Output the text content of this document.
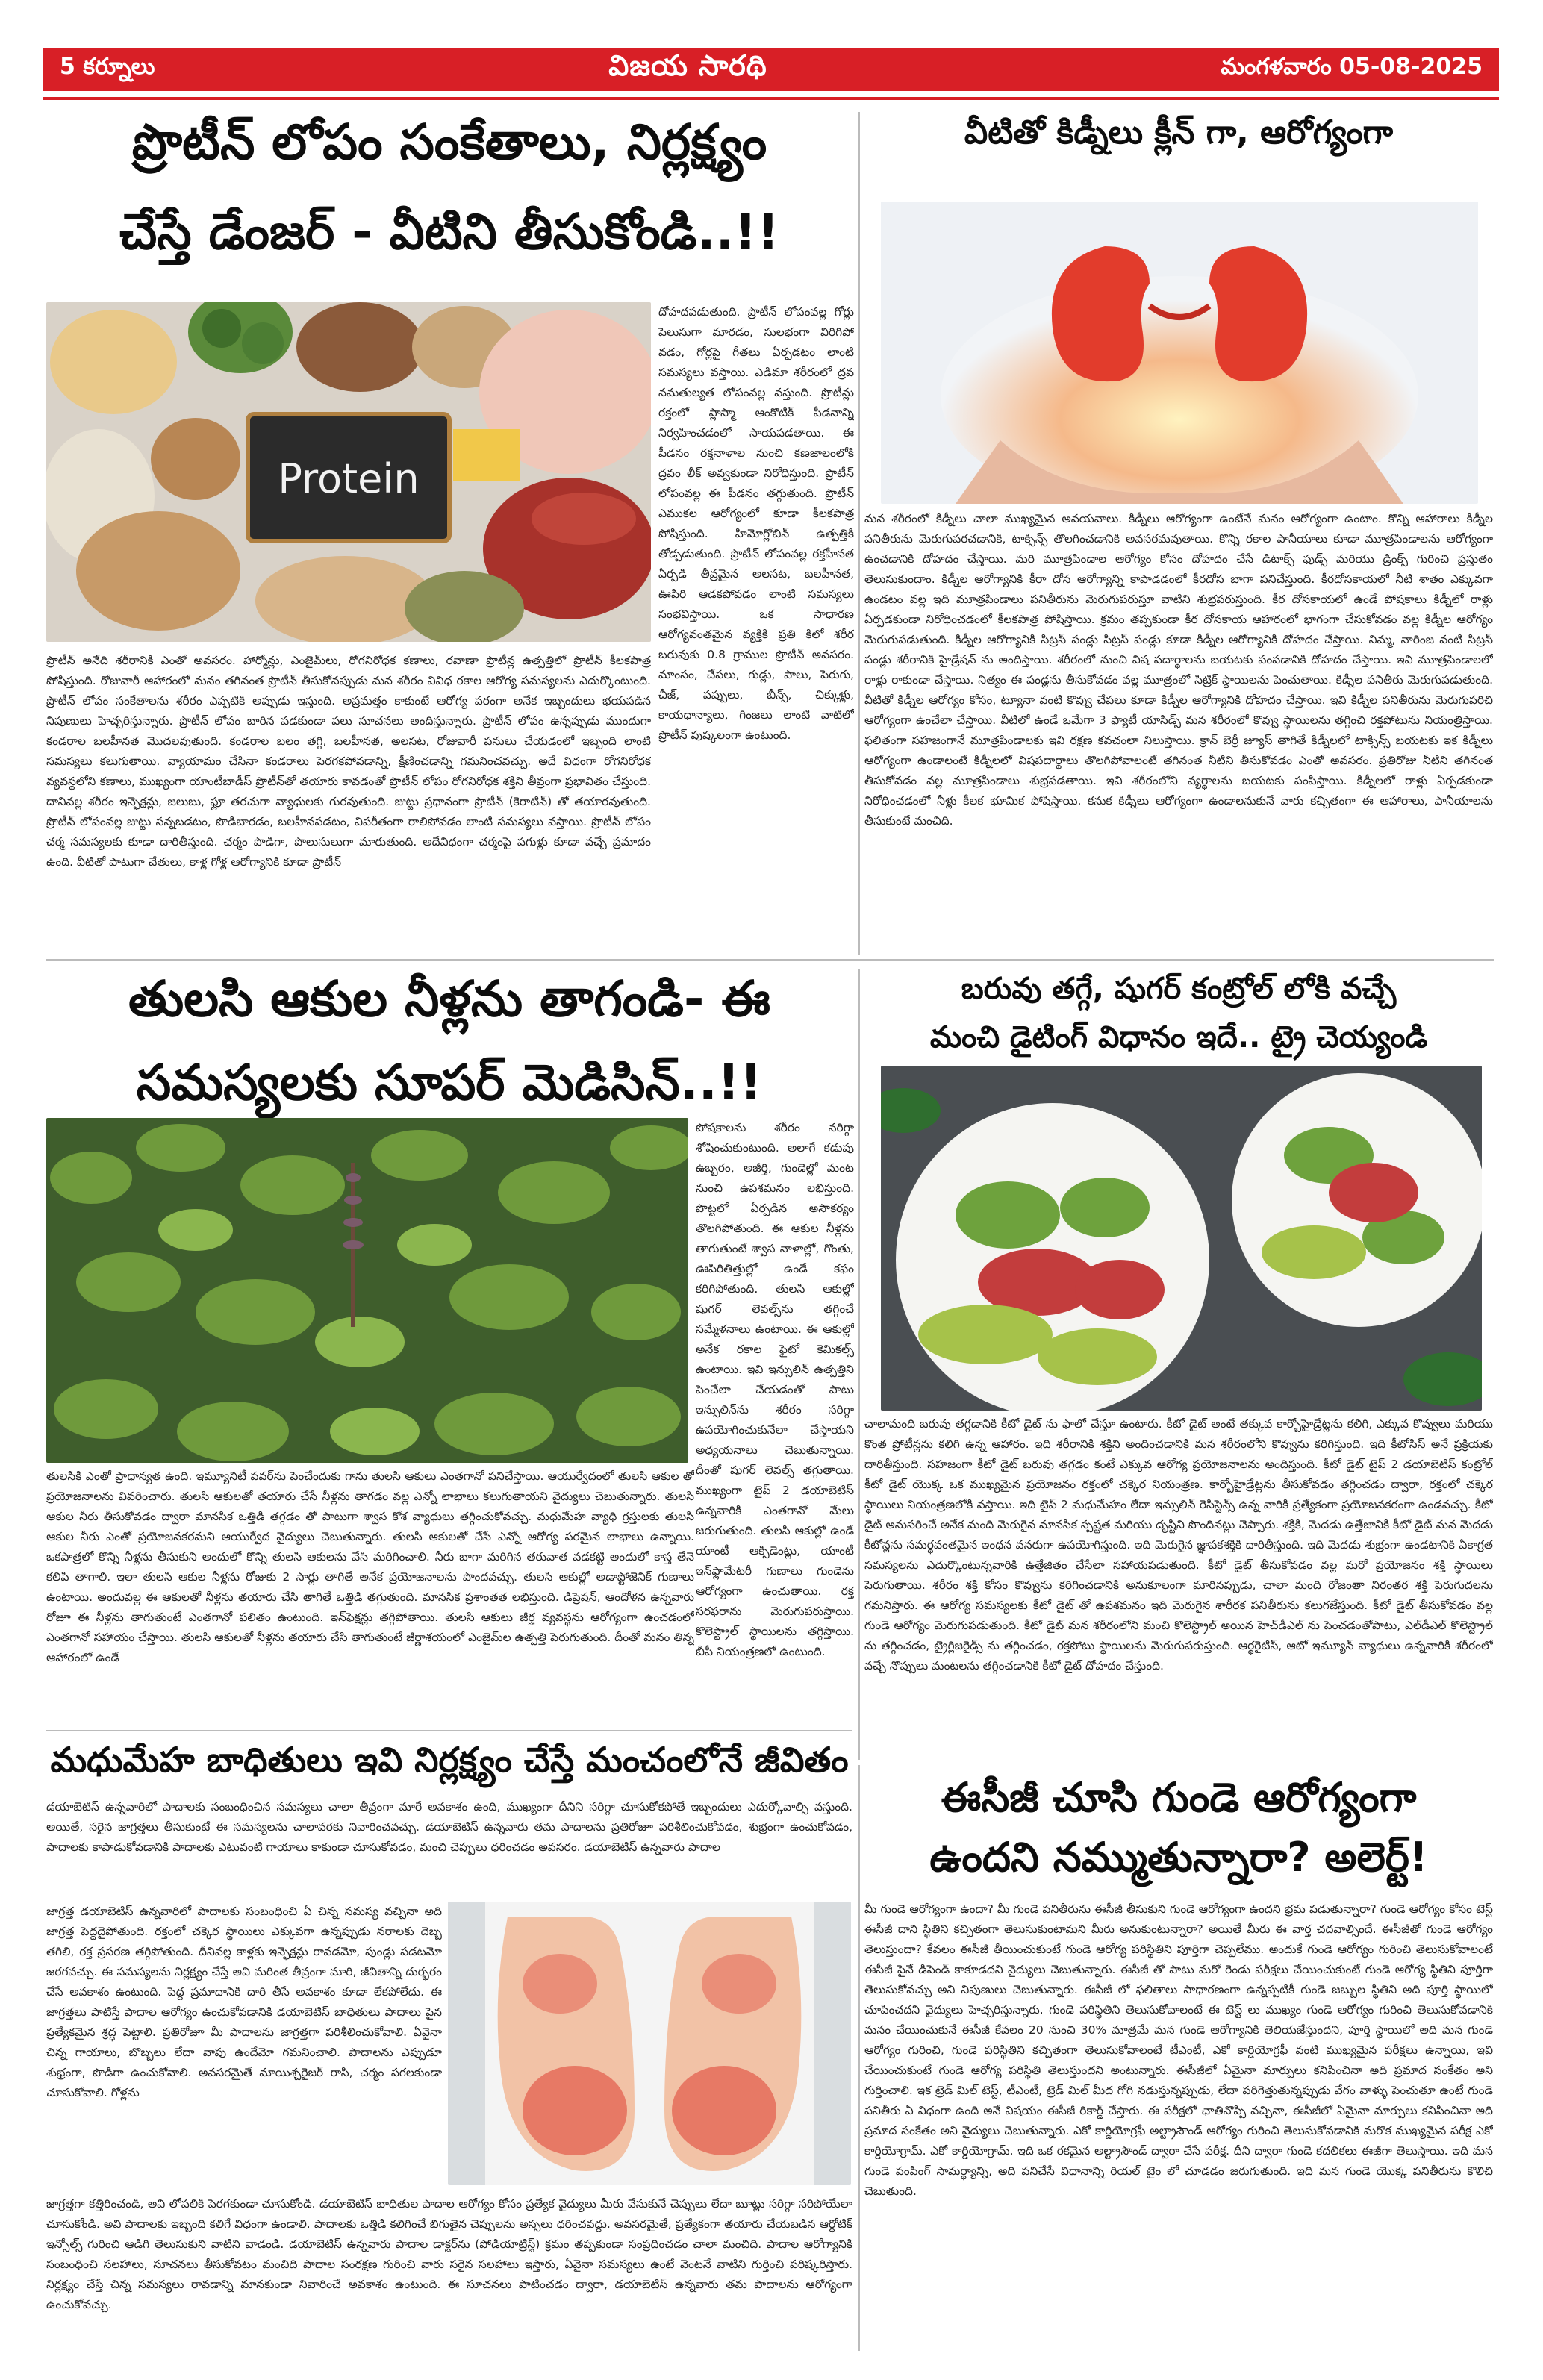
5 కర్నూలు	విజయ సారథి	మంగళవారం 05-08-2025
ప్రొటీన్ లోపం సంకేతాలు, నిర్లక్ష్యం
చేస్తే డేంజర్ - వీటిని తీసుకోండి..!!
Protein
దోహదపడుతుంది. ప్రొటీన్ లోపంవల్ల గోర్లు పెలుసుగా మారడం, సులభంగా విరిగిపో వడం, గోర్లపై గీతలు ఏర్పడటం లాంటి సమస్యలు వస్తాయి. ఎడిమా శరీరంలో ద్రవ నమతుల్యత లోపంవల్ల వస్తుంది. ప్రొటీన్లు రక్తంలో ప్లాస్మా ఆంకొటిక్ పీడనాన్ని నిర్వహించడంలో సాయపడతాయి. ఈ పీడనం రక్తనాళాల నుంచి కణజాలంలోకి ద్రవం లీక్ అవ్వకుండా నిరోధిస్తుంది. ప్రొటీన్ లోపంవల్ల ఈ పీడనం తగ్గుతుంది. ప్రొటీన్ ఎముకల ఆరోగ్యంలో కూడా కీలకపాత్ర పోషిస్తుంది. హిమోగ్లోబిన్ ఉత్పత్తికి తోడ్పడుతుంది. ప్రొటీన్ లోపంవల్ల రక్తహీనత ఏర్పడి తీవ్రమైన అలసట, బలహీనత, ఊపిరి ఆడకపోవడం లాంటి సమస్యలు సంభవిస్తాయి. ఒక సాధారణ ఆరోగ్యవంతమైన వ్యక్తికి ప్రతి కిలో శరీర బరువుకు 0.8 గ్రాముల ప్రొటీన్ అవసరం. మాంసం, చేపలు, గుడ్లు, పాలు, పెరుగు, చీజ్, పప్పులు, బీన్స్, చిక్కుళ్లు, కాయధాన్యాలు, గింజలు లాంటి వాటిలో ప్రొటీన్ పుష్కలంగా ఉంటుంది.
ప్రొటీన్ అనేది శరీరానికి ఎంతో అవసరం. హార్మోన్లు, ఎంజైమ్‌లు, రోగనిరోధక కణాలు, రవాణా ప్రొటీన్ల ఉత్పత్తిలో ప్రొటీన్ కీలకపాత్ర పోషిస్తుంది. రోజువారీ ఆహారంలో మనం తగినంత ప్రొటీన్ తీసుకోనప్పుడు మన శరీరం వివిధ రకాల ఆరోగ్య సమస్యలను ఎదుర్కొంటుంది. ప్రొటీన్ లోపం సంకేతాలను శరీరం ఎప్పటికి అప్పుడు ఇస్తుంది. అప్రమత్తం కాకుంటే ఆరోగ్య పరంగా అనేక ఇబ్బందులు భయపడిన నిపుణులు హెచ్చరిస్తున్నారు. ప్రొటీన్ లోపం బారిన పడకుండా పలు సూచనలు అందిస్తున్నారు. ప్రొటీన్ లోపం ఉన్నప్పుడు ముందుగా కండరాల బలహీనత మొదలవుతుంది. కండరాల బలం తగ్గి, బలహీనత, అలసట, రోజువారీ పనులు చేయడంలో ఇబ్బంది లాంటి సమస్యలు కలుగుతాయి. వ్యాయామం చేసినా కండరాలు పెరగకపోవడాన్ని, క్షీణించడాన్ని గమనించవచ్చు. అదే విధంగా రోగనిరోధక వ్యవస్థలోని కణాలు, ముఖ్యంగా యాంటీబాడీస్ ప్రొటీన్‌తో తయారు కావడంతో ప్రొటీన్ లోపం రోగనిరోధక శక్తిని తీవ్రంగా ప్రభావితం చేస్తుంది. దానివల్ల శరీరం ఇన్ఫెక్షన్లు, జలుబు, ఫ్లూ తరచుగా వ్యాధులకు గురవుతుంది. జుట్టు ప్రధానంగా ప్రొటీన్ (కెరాటిన్) తో తయారవుతుంది. ప్రొటీన్ లోపంవల్ల జుట్టు సన్నబడటం, పొడిబారడం, బలహీనపడటం, విపరీతంగా రాలిపోవడం లాంటి సమస్యలు వస్తాయి. ప్రొటీన్ లోపం చర్మ సమస్యలకు కూడా దారితీస్తుంది. చర్మం పొడిగా, పొలుసులుగా మారుతుంది. అదేవిధంగా చర్మంపై పగుళ్లు కూడా వచ్చే ప్రమాదం ఉంది. వీటితో పాటుగా చేతులు, కాళ్ల గోళ్ల ఆరోగ్యానికి కూడా ప్రొటీన్
వీటితో కిడ్నీలు క్లీన్ గా, ఆరోగ్యంగా
మన శరీరంలో కిడ్నీలు చాలా ముఖ్యమైన అవయవాలు. కిడ్నీలు ఆరోగ్యంగా ఉంటేనే మనం ఆరోగ్యంగా ఉంటాం. కొన్ని ఆహారాలు కిడ్నీల పనితీరును మెరుగుపరచడానికి, టాక్సిన్స్ తొలగించడానికి అవసరమవుతాయి. కొన్ని రకాల పానీయాలు కూడా మూత్రపిండాలను ఆరోగ్యంగా ఉంచడానికి దోహదం చేస్తాయి. మరి మూత్రపిండాల ఆరోగ్యం కోసం దోహదం చేసే డిటాక్స్ ఫుడ్స్ మరియు డ్రింక్స్ గురించి ప్రస్తుతం తెలుసుకుందాం. కిడ్నీల ఆరోగ్యానికి కీరా దోస ఆరోగ్యాన్ని కాపాడడంలో కీరదోస బాగా పనిచేస్తుంది. కీరదోసకాయలో నీటి శాతం ఎక్కువగా ఉండటం వల్ల ఇది మూత్రపిండాలు పనితీరును మెరుగుపరుస్తూ వాటిని శుభ్రపరుస్తుంది. కీర దోసకాయలో ఉండే పోషకాలు కిడ్నీలో రాళ్లు ఏర్పడకుండా నిరోధించడంలో కీలకపాత్ర పోషిస్తాయి. క్రమం తప్పకుండా కీర దోసకాయ ఆహారంలో భాగంగా చేసుకోవడం వల్ల కిడ్నీల ఆరోగ్యం మెరుగుపడుతుంది. కిడ్నీల ఆరోగ్యానికి సిట్రస్ పండ్లు సిట్రస్ పండ్లు కూడా కిడ్నీల ఆరోగ్యానికి దోహదం చేస్తాయి. నిమ్మ, నారింజ వంటి సిట్రస్ పండ్లు శరీరానికి హైడ్రేషన్ ను అందిస్తాయి. శరీరంలో నుంచి విష పదార్థాలను బయటకు పంపడానికి దోహదం చేస్తాయి. ఇవి మూత్రపిండాలలో రాళ్లు రాకుండా చేస్తాయి. నిత్యం ఈ పండ్లను తీసుకోవడం వల్ల మూత్రంలో సిట్రిక్ స్థాయిలను పెంచుతాయి. కిడ్నీల పనితీరు మెరుగుపడుతుంది. వీటితో కిడ్నీల ఆరోగ్యం కోసం, ట్యూనా వంటి కొవ్వు చేపలు కూడా కిడ్నీల ఆరోగ్యానికి దోహదం చేస్తాయి. ఇవి కిడ్నీల పనితీరును మెరుగుపరిచి ఆరోగ్యంగా ఉంచేలా చేస్తాయి. వీటిలో ఉండే ఒమేగా 3 ఫ్యాటీ యాసిడ్స్ మన శరీరంలో కొవ్వు స్థాయిలను తగ్గించి రక్తపోటును నియంత్రిస్తాయి. ఫలితంగా సహజంగానే మూత్రపిండాలకు ఇవి రక్షణ కవచంలా నిలుస్తాయి. క్రాన్ బెర్రీ జ్యూస్ తాగితే కిడ్నీలలో టాక్సిన్స్ బయటకు ఇక కిడ్నీలు ఆరోగ్యంగా ఉండాలంటే కిడ్నీలలో విషపదార్థాలు తొలగిపోవాలంటే తగినంత నీటిని తీసుకోవడం ఎంతో అవసరం. ప్రతిరోజు నీటిని తగినంత తీసుకోవడం వల్ల మూత్రపిండాలు శుభ్రపడతాయి. ఇవి శరీరంలోని వ్యర్థాలను బయటకు పంపిస్తాయి. కిడ్నీలలో రాళ్లు ఏర్పడకుండా నిరోధించడంలో నీళ్లు కీలక భూమిక పోషిస్తాయి. కనుక కిడ్నీలు ఆరోగ్యంగా ఉండాలనుకునే వారు కచ్చితంగా ఈ ఆహారాలు, పానీయాలను తీసుకుంటే మంచిది.
తులసి ఆకుల నీళ్లను తాగండి- ఈ
సమస్యలకు సూపర్ మెడిసిన్..!!
పోషకాలను శరీరం నరిగ్గా శోషించుకుంటుంది. అలాగే కడుపు ఉబ్బరం, అజీర్తి, గుండెల్లో మంట నుంచి ఉపశమనం లభిస్తుంది. పొట్టలో ఏర్పడిన అసౌకర్యం తొలగిపోతుంది. ఈ ఆకుల నీళ్లను తాగుతుంటే శ్వాస నాళాల్లో, గొంతు, ఊపిరితిత్తుల్లో ఉండే కఫం కరిగిపోతుంది. తులసి ఆకుల్లో షుగర్ లెవల్స్‌ను తగ్గించే సమ్మేళనాలు ఉంటాయి. ఈ ఆకుల్లో అనేక రకాల ఫైటో కెమికల్స్ ఉంటాయి. ఇవి ఇన్సులిన్ ఉత్పత్తిని పెంచేలా చేయడంతో పాటు ఇన్సులిన్‌ను శరీరం సరిగ్గా ఉపయోగించుకునేలా చేస్తాయని అధ్యయనాలు చెబుతున్నాయి. దీంతో షుగర్ లెవల్స్ తగ్గుతాయి. ముఖ్యంగా టైప్ 2 డయాబెటిస్ ఉన్నవారికి ఎంతగానో మేలు జరుగుతుంది. తులసి ఆకుల్లో ఉండే యాంటీ ఆక్సిడెంట్లు, యాంటీ ఇన్‌ఫ్లామేటరీ గుణాలు గుండెను ఆరోగ్యంగా ఉంచుతాయి. రక్త సరఫరాను మెరుగుపరుస్తాయి. కొలెస్ట్రాల్ స్థాయిలను తగ్గిస్తాయి. బీపీ నియంత్రణలో ఉంటుంది.
తులసికి ఎంతో ప్రాధాన్యత ఉంది. ఇమ్యూనిటీ పవర్‌ను పెంచేందుకు గాను తులసి ఆకులు ఎంతగానో పనిచేస్తాయి. ఆయుర్వేదంలో తులసి ఆకుల తో ప్రయోజనాలను వివరించారు. తులసి ఆకులతో తయారు చేసే నీళ్లను తాగడం వల్ల ఎన్నో లాభాలు కలుగుతాయని వైద్యులు చెబుతున్నారు. తులసి ఆకుల నీరు తీసుకోవడం ద్వారా మానసిక ఒత్తిడి తగ్గడం తో పాటుగా శ్వాస కోశ వ్యాధులు తగ్గించుకోవచ్చు. మధుమేహ వ్యాధి గ్రస్తులకు తులసి ఆకుల నీరు ఎంతో ప్రయోజనకరమని ఆయుర్వేద వైద్యులు చెబుతున్నారు. తులసి ఆకులతో చేసే ఎన్నో ఆరోగ్య పరమైన లాభాలు ఉన్నాయి. ఒకపాత్రలో కొన్ని నీళ్లను తీసుకుని అందులో కొన్ని తులసి ఆకులను వేసి మరిగించాలి. నీరు బాగా మరిగిన తరువాత వడకట్టి అందులో కాస్త తేనె కలిపి తాగాలి. ఇలా తులసి ఆకుల నీళ్లను రోజుకు 2 సార్లు తాగితే అనేక ప్రయోజనాలను పొందవచ్చు. తులసి ఆకుల్లో అడాప్టోజెనిక్ గుణాలు ఉంటాయి. అందువల్ల ఈ ఆకులతో నీళ్లను తయారు చేసి తాగితే ఒత్తిడి తగ్గుతుంది. మానసిక ప్రశాంతత లభిస్తుంది. డిప్రెషన్, ఆందోళన ఉన్నవారు రోజూ ఈ నీళ్లను తాగుతుంటే ఎంతగానో ఫలితం ఉంటుంది. ఇన్‌ఫెక్షన్లు తగ్గిపోతాయి. తులసి ఆకులు జీర్ణ వ్యవస్థను ఆరోగ్యంగా ఉంచడంలో ఎంతగానో సహాయం చేస్తాయి. తులసి ఆకులతో నీళ్లను తయారు చేసి తాగుతుంటే జీర్ణాశయంలో ఎంజైమ్‌ల ఉత్పత్తి పెరుగుతుంది. దీంతో మనం తిన్న ఆహారంలో ఉండే
బరువు తగ్గే, షుగర్ కంట్రోల్ లోకి వచ్చే
మంచి డైటింగ్ విధానం ఇదే.. ట్రై చెయ్యండి
చాలామంది బరువు తగ్గడానికి కీటో డైట్ ను ఫాలో చేస్తూ ఉంటారు. కీటో డైట్ అంటే తక్కువ కార్బోహైడ్రేట్లను కలిగి, ఎక్కువ కొవ్వులు మరియు కొంత ప్రోటీన్లను కలిగి ఉన్న ఆహారం. ఇది శరీరానికి శక్తిని అందించడానికి మన శరీరంలోని కొవ్వును కరిగిస్తుంది. ఇది కీటోసిస్ అనే ప్రక్రియకు దారితీస్తుంది. సహజంగా కీటో డైట్ బరువు తగ్గడం కంటే ఎక్కువ ఆరోగ్య ప్రయోజనాలను అందిస్తుంది. కీటో డైట్ టైప్ 2 డయాబెటిస్ కంట్రోల్ కీటో డైట్ యొక్క ఒక ముఖ్యమైన ప్రయోజనం రక్తంలో చక్కెర నియంత్రణ. కార్బోహైడ్రేట్లను తీసుకోవడం తగ్గించడం ద్వారా, రక్తంలో చక్కెర స్థాయిలు నియంత్రణలోకి వస్తాయి. ఇది టైప్ 2 మధుమేహం లేదా ఇన్సులిన్ రెసిస్టెన్స్ ఉన్న వారికి ప్రత్యేకంగా ప్రయోజనకరంగా ఉండవచ్చు. కీటో డైట్ అనుసరించే అనేక మంది మెరుగైన మానసిక స్పష్టత మరియు దృష్టిని పొందినట్లు చెప్పారు. శక్తికి, మెదడు ఉత్తేజానికి కీటో డైట్ మన మెదడు కీటోన్లను సమర్థవంతమైన ఇంధన వనరుగా ఉపయోగిస్తుంది. ఇది మెరుగైన జ్ఞాపకశక్తికి దారితీస్తుంది. ఇది మెదడు శుభ్రంగా ఉండటానికి ఏకాగ్రత సమస్యలను ఎదుర్కొంటున్నవారికి ఉత్తేజితం చేసేలా సహాయపడుతుంది. కీటో డైట్ తీసుకోవడం వల్ల మరో ప్రయోజనం శక్తి స్థాయిలు పెరుగుతాయి. శరీరం శక్తి కోసం కొవ్వును కరిగించడానికి అనుకూలంగా మారినప్పుడు, చాలా మంది రోజంతా నిరంతర శక్తి పెరుగుదలను గమనిస్తారు. ఈ ఆరోగ్య సమస్యలకు కీటో డైట్ తో ఉపశమనం ఇది మెరుగైన శారీరక పనితీరును కలుగజేస్తుంది. కీటో డైట్ తీసుకోవడం వల్ల గుండె ఆరోగ్యం మెరుగుపడుతుంది. కీటో డైట్ మన శరీరంలోని మంచి కొలెస్ట్రాల్ అయిన హెచ్‌డీఎల్ ను పెంచడంతోపాటు, ఎల్‌డీఎల్ కొలెస్ట్రాల్ ను తగ్గించడం, ట్రైగ్లిజరైడ్స్ ను తగ్గించడం, రక్తపోటు స్థాయిలను మెరుగుపరుస్తుంది. ఆర్థరైటిస్, ఆటో ఇమ్యూన్ వ్యాధులు ఉన్నవారికి శరీరంలో వచ్చే నొప్పులు మంటలను తగ్గించడానికి కీటో డైట్ దోహదం చేస్తుంది.
మధుమేహ బాధితులు ఇవి నిర్లక్ష్యం చేస్తే మంచంలోనే జీవితం
డయాబెటిస్ ఉన్నవారిలో పాదాలకు సంబంధించిన సమస్యలు చాలా తీవ్రంగా మారే అవకాశం ఉంది, ముఖ్యంగా దీనిని సరిగ్గా చూసుకోకపోతే ఇబ్బందులు ఎదుర్కోవాల్సి వస్తుంది. అయితే, సరైన జాగ్రత్తలు తీసుకుంటే ఈ సమస్యలను చాలావరకు నివారించవచ్చు. డయాబెటిస్ ఉన్నవారు తమ పాదాలను ప్రతిరోజూ పరిశీలించుకోవడం, శుభ్రంగా ఉంచుకోవడం, పాదాలకు కాపాడుకోవడానికి పాదాలకు ఎటువంటి గాయాలు కాకుండా చూసుకోవడం, మంచి చెప్పులు ధరించడం అవసరం. డయాబెటిస్ ఉన్నవారు పాదాల
జాగ్రత్త డయాబెటిస్ ఉన్నవారిలో పాదాలకు సంబంధించి ఏ చిన్న సమస్య వచ్చినా అది జాగ్రత్త పెద్దదైపోతుంది. రక్తంలో చక్కెర స్థాయిలు ఎక్కువగా ఉన్నప్పుడు నరాలకు దెబ్బ తగిలి, రక్త ప్రసరణ తగ్గిపోతుంది. దీనివల్ల కాళ్లకు ఇన్ఫెక్షన్లు రావడమో, పుండ్లు పడటమో జరగవచ్చు. ఈ సమస్యలను నిర్లక్ష్యం చేస్తే అవి మరింత తీవ్రంగా మారి, జీవితాన్ని దుర్భరం చేసే అవకాశం ఉంటుంది. పెద్ద ప్రమాదానికి దారి తీసే అవకాశం కూడా లేకపోలేదు. ఈ జాగ్రత్తలు పాటిస్తే పాదాల ఆరోగ్యం ఉంచుకోవడానికి డయాబెటిస్ బాధితులు పాదాలు పైన ప్రత్యేకమైన శ్రద్ధ పెట్టాలి. ప్రతిరోజూ మీ పాదాలను జాగ్రత్తగా పరిశీలించుకోవాలి. ఏవైనా చిన్న గాయాలు, బొబ్బలు లేదా వాపు ఉందేమో గమనించాలి. పాదాలను ఎప్పుడూ శుభ్రంగా, పొడిగా ఉంచుకోవాలి. అవసరమైతే మాయిశ్చరైజర్ రాసి, చర్మం పగలకుండా చూసుకోవాలి. గోళ్లను
జాగ్రత్తగా కత్తిరించండి, అవి లోపలికి పెరగకుండా చూసుకోండి. డయాబెటిస్ బాధితుల పాదాల ఆరోగ్యం కోసం ప్రత్యేక వైద్యులు మీరు వేసుకునే చెప్పులు లేదా బూట్లు సరిగ్గా సరిపోయేలా చూసుకోండి. అవి పాదాలకు ఇబ్బంది కలిగే విధంగా ఉండాలి. పాదాలకు ఒత్తిడి కలిగించే బిగుతైన చెప్పులను అస్సలు ధరించవద్దు. అవసరమైతే, ప్రత్యేకంగా తయారు చేయబడిన ఆర్థోటిక్ ఇన్సోల్స్ గురించి ఆడిగి తెలుసుకుని వాటిని వాడండి. డయాబెటిస్ ఉన్నవారు పాదాల డాక్టర్‌ను (పోడియాట్రిస్ట్) క్రమం తప్పకుండా సంప్రదించడం చాలా మంచిది. పాదాల ఆరోగ్యానికి సంబంధించి సలహాలు, సూచనలు తీసుకోవటం మంచిది పాదాల సంరక్షణ గురించి వారు సరైన సలహాలు ఇస్తారు, ఏవైనా సమస్యలు ఉంటే వెంటనే వాటిని గుర్తించి పరిష్కరిస్తారు. నిర్లక్ష్యం చేస్తే చిన్న సమస్యలు రావడాన్ని మానకుండా నివారించే అవకాశం ఉంటుంది. ఈ సూచనలు పాటించడం ద్వారా, డయాబెటిస్ ఉన్నవారు తమ పాదాలను ఆరోగ్యంగా ఉంచుకోవచ్చు.
ఈసీజీ చూసి గుండె ఆరోగ్యంగా
ఉందని నమ్ముతున్నారా? అలెర్ట్!
మీ గుండె ఆరోగ్యంగా ఉందా? మీ గుండె పనితీరును ఈసీజీ తీసుకుని గుండె ఆరోగ్యంగా ఉందని భ్రమ పడుతున్నారా? గుండె ఆరోగ్యం కోసం టెస్ట్ ఈసీజీ దాని స్థితిని కచ్చితంగా తెలుసుకుంటామని మీరు అనుకుంటున్నారా? అయితే మీరు ఈ వార్త చదవాల్సిందే. ఈసీజీతో గుండె ఆరోగ్యం తెలుస్తుందా? కేవలం ఈసీజీ తీయించుకుంటే గుండె ఆరోగ్య పరిస్థితిని పూర్తిగా చెప్పలేము. అందుకే గుండె ఆరోగ్యం గురించి తెలుసుకోవాలంటే ఈసీజీ పైనే డిపెండ్ కాకూడదని వైద్యులు చెబుతున్నారు. ఈసీజీ తో పాటు మరో రెండు పరీక్షలు చేయించుకుంటే గుండె ఆరోగ్య స్థితిని పూర్తిగా తెలుసుకోవచ్చు అని నిపుణులు చెబుతున్నారు. ఈసీజీ లో ఫలితాలు సాధారణంగా ఉన్నప్పటికీ గుండె జబ్బుల స్థితిని అది పూర్తి స్థాయిలో చూపించదని వైద్యులు హెచ్చరిస్తున్నారు. గుండె పరిస్థితిని తెలుసుకోవాలంటే ఈ టెస్ట్ లు ముఖ్యం గుండె ఆరోగ్యం గురించి తెలుసుకోవడానికి మనం చేయించుకునే ఈసీజీ కేవలం 20 నుంచి 30% మాత్రమే మన గుండె ఆరోగ్యానికి తెలియజేస్తుందని, పూర్తి స్థాయిలో అది మన గుండె ఆరోగ్యం గురించి, గుండె పరిస్థితిని కచ్చితంగా తెలుసుకోవాలంటే టీఎంటీ, ఎకో కార్డియోగ్రఫీ వంటి ముఖ్యమైన పరీక్షలు ఉన్నాయి, ఇవి చేయించుకుంటే గుండె ఆరోగ్య పరిస్థితి తెలుస్తుందని అంటున్నారు. ఈసీజీలో ఏమైనా మార్పులు కనిపించినా అది ప్రమాద సంకేతం అని గుర్తించాలి. ఇక ట్రెడ్ మిల్ టెస్ట్, టీఎంటీ, ట్రెడ్ మిల్ మీద గోగి నడుస్తున్నప్పుడు, లేదా పరిగెత్తుతున్నప్పుడు వేగం వాళ్ళు పెంచుతూ ఉంటే గుండె పనితీరు ఏ విధంగా ఉంది అనే విషయం ఈసీజీ రికార్డ్ చేస్తారు. ఈ పరీక్షలో ఛాతినొప్పి వచ్చినా, ఈసీజీలో ఏమైనా మార్పులు కనిపించినా అది ప్రమాద సంకేతం అని వైద్యులు చెబుతున్నారు. ఎకో కార్డియోగ్రఫీ అల్ట్రాసౌండ్ ఆరోగ్యం గురించి తెలుసుకోవడానికి మరొక ముఖ్యమైన పరీక్ష ఎకో కార్డియోగ్రామ్. ఎకో కార్డియోగ్రామ్. ఇది ఒక రకమైన అల్ట్రాసౌండ్ ద్వారా చేసే పరీక్ష. దీని ద్వారా గుండె కదలికలు ఈజీగా తెలుస్తాయి. ఇది మన గుండె పంపింగ్ సామర్థ్యాన్ని, అది పనిచేసే విధానాన్ని రియల్ టైం లో చూడడం జరుగుతుంది. ఇది మన గుండె యొక్క పనితీరును కొలిచి చెబుతుంది.
